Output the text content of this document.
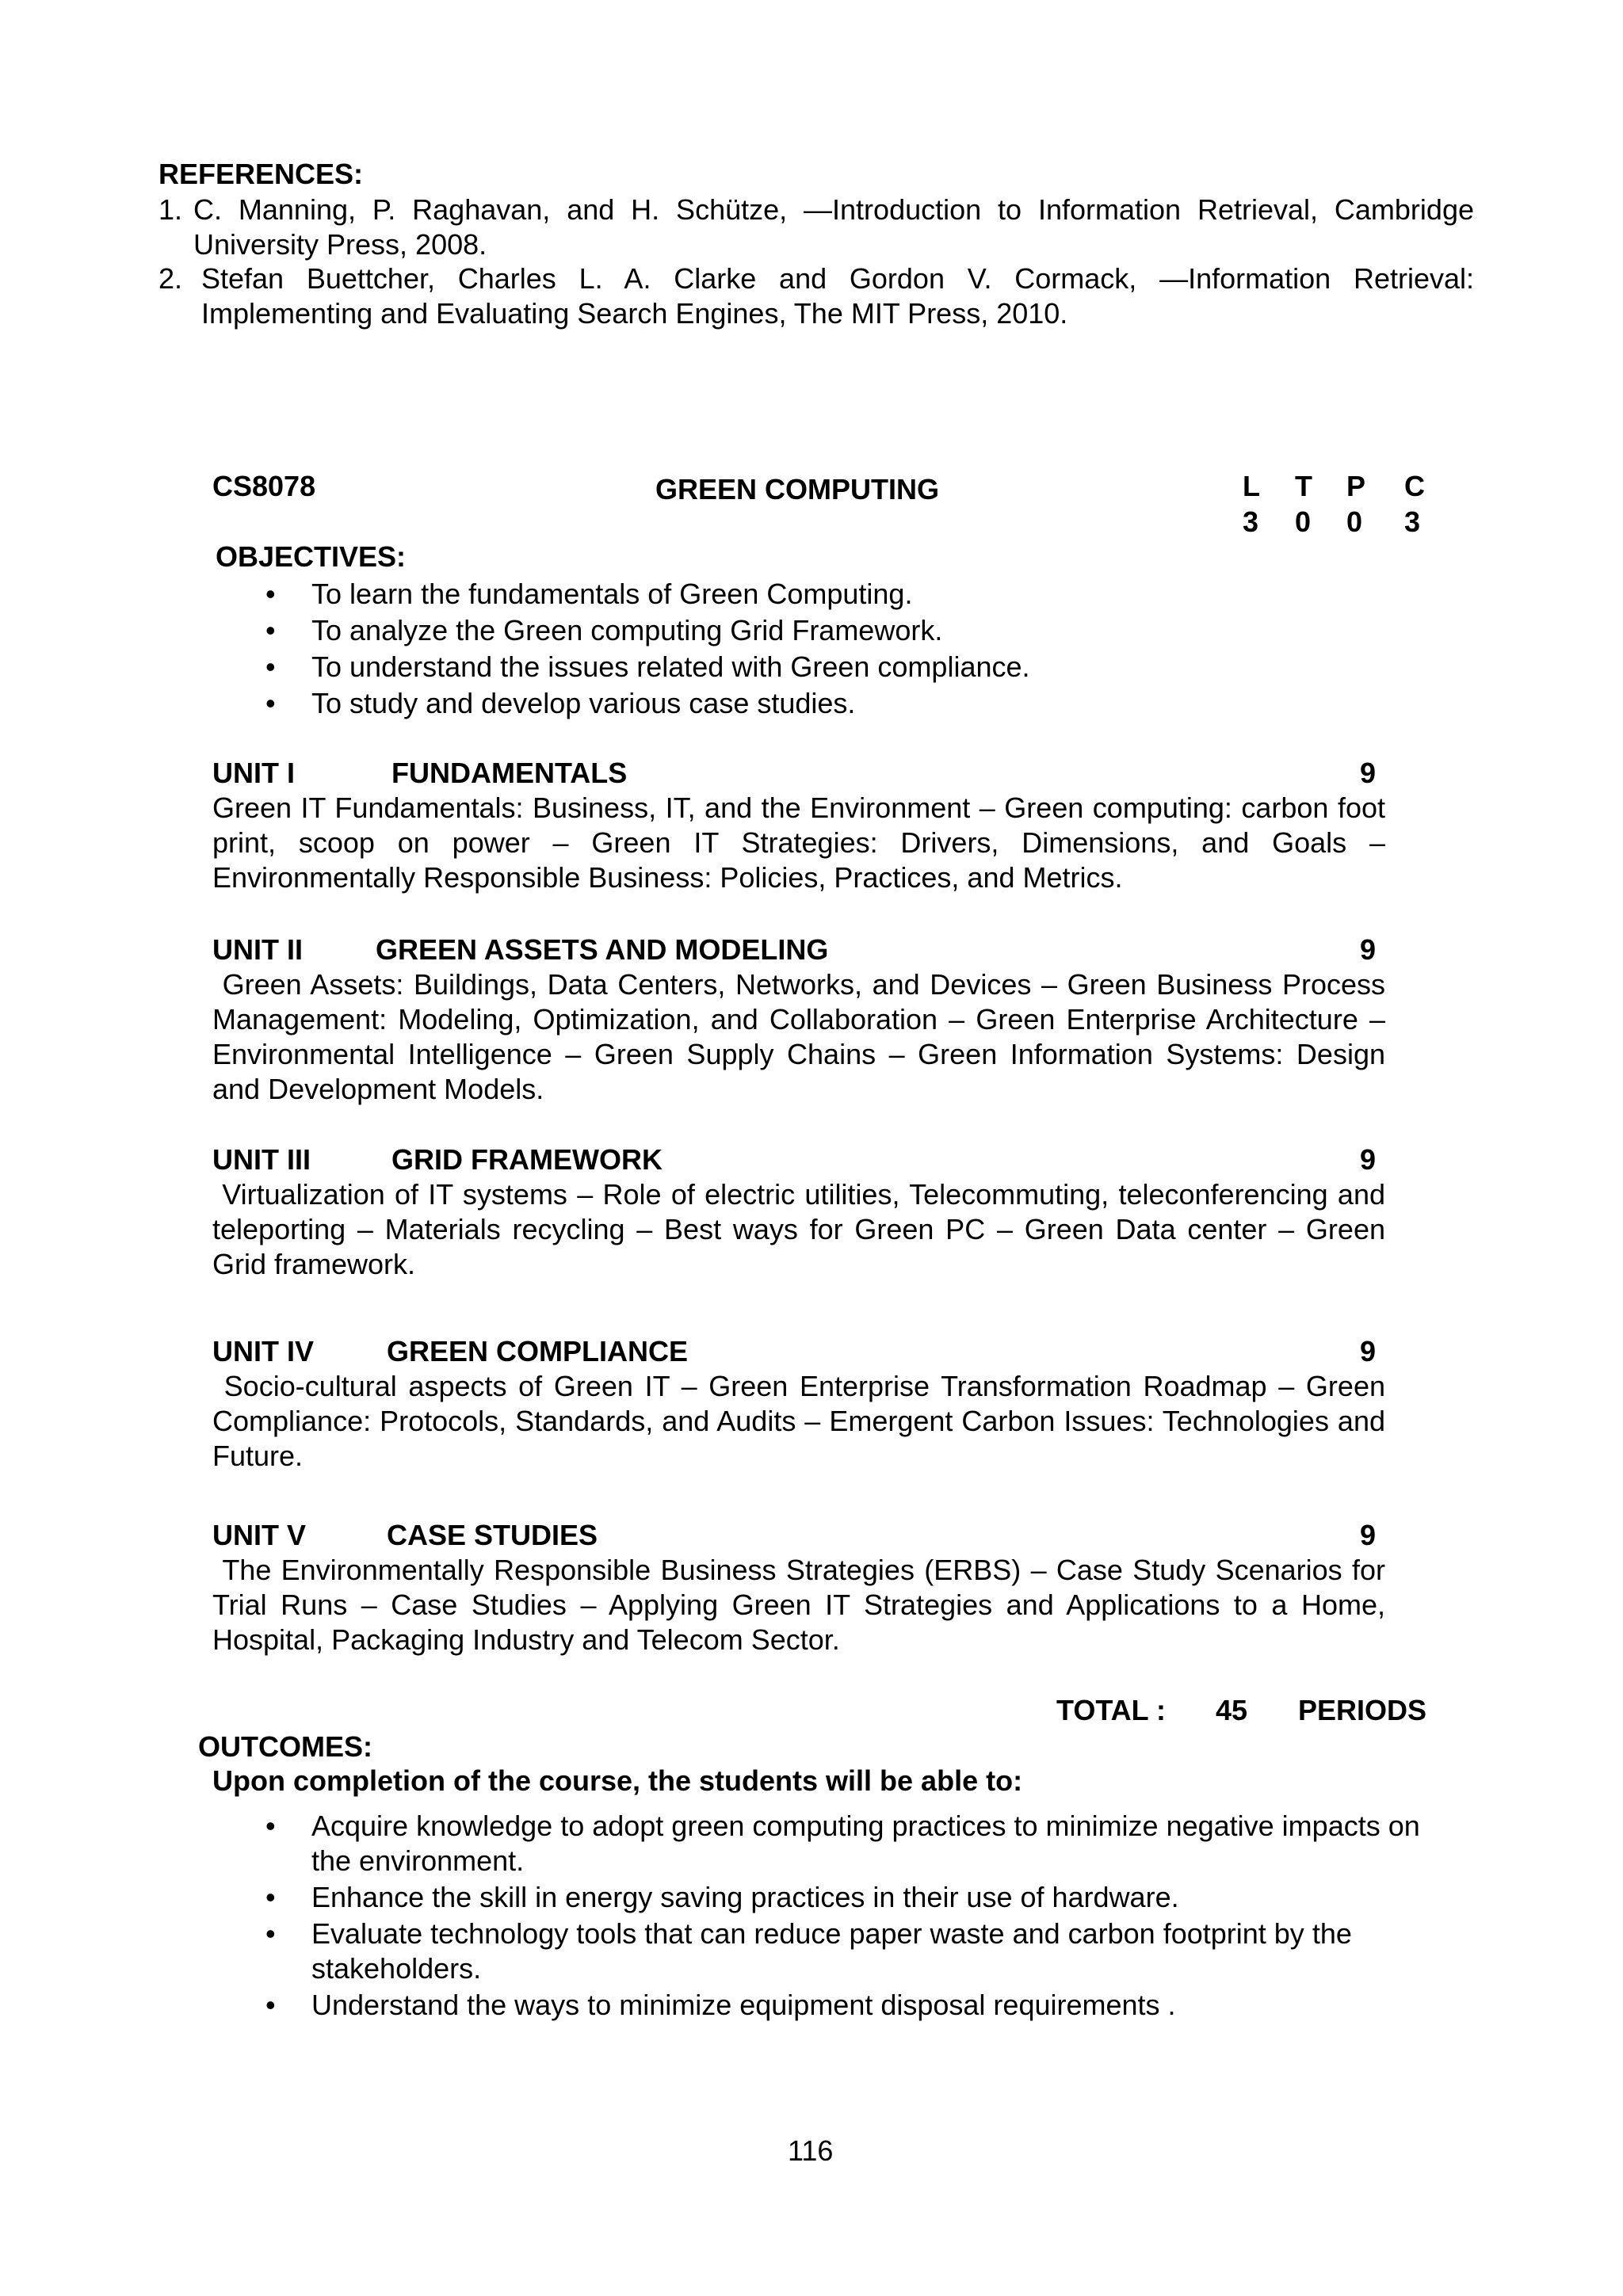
REFERENCES:
1. C. Manning, P. Raghavan, and H. Schütze, ―Introduction to Information Retrieval, Cambridge University Press, 2008.
2. Stefan Buettcher, Charles L. A. Clarke and Gordon V. Cormack, ―Information Retrieval: Implementing and Evaluating Search Engines, The MIT Press, 2010.
CS8078	GREEN COMPUTING	L T P C
3 0 0 3
OBJECTIVES:
• To learn the fundamentals of Green Computing.
• To analyze the Green computing Grid Framework.
• To understand the issues related with Green compliance.
• To study and develop various case studies.
UNIT I	FUNDAMENTALS	9
Green IT Fundamentals: Business, IT, and the Environment – Green computing: carbon foot print, scoop on power – Green IT Strategies: Drivers, Dimensions, and Goals – Environmentally Responsible Business: Policies, Practices, and Metrics.
UNIT II	GREEN ASSETS AND MODELING	9
Green Assets: Buildings, Data Centers, Networks, and Devices – Green Business Process Management: Modeling, Optimization, and Collaboration – Green Enterprise Architecture – Environmental Intelligence – Green Supply Chains – Green Information Systems: Design and Development Models.
UNIT III	GRID FRAMEWORK	9
Virtualization of IT systems – Role of electric utilities, Telecommuting, teleconferencing and teleporting – Materials recycling – Best ways for Green PC – Green Data center – Green Grid framework.
UNIT IV	GREEN COMPLIANCE	9
Socio-cultural aspects of Green IT – Green Enterprise Transformation Roadmap – Green Compliance: Protocols, Standards, and Audits – Emergent Carbon Issues: Technologies and Future.
UNIT V	CASE STUDIES	9
The Environmentally Responsible Business Strategies (ERBS) – Case Study Scenarios for Trial Runs – Case Studies – Applying Green IT Strategies and Applications to a Home, Hospital, Packaging Industry and Telecom Sector.
TOTAL : 45 PERIODS
OUTCOMES:
Upon completion of the course, the students will be able to:
• Acquire knowledge to adopt green computing practices to minimize negative impacts on the environment.
• Enhance the skill in energy saving practices in their use of hardware.
• Evaluate technology tools that can reduce paper waste and carbon footprint by the stakeholders.
• Understand the ways to minimize equipment disposal requirements .
116
